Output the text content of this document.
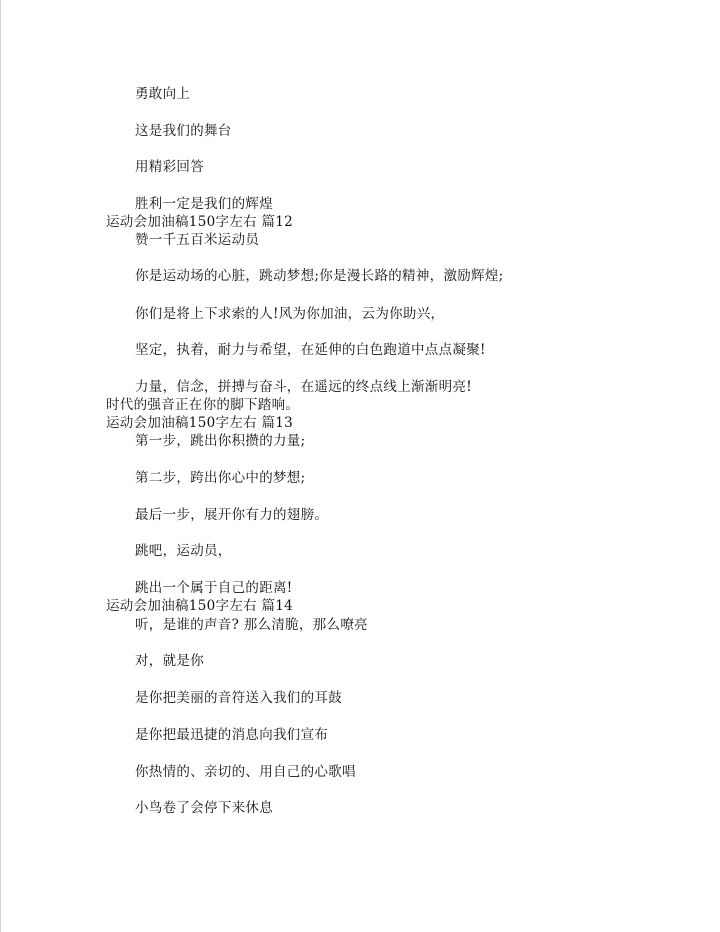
勇敢向上
这是我们的舞台
用精彩回答
胜利一定是我们的辉煌
运动会加油稿150字左右 篇12
赞一千五百米运动员
你是运动场的心脏，跳动梦想;你是漫长路的精神，激励辉煌;
你们是将上下求索的人!风为你加油，云为你助兴，
坚定，执着，耐力与希望，在延伸的白色跑道中点点凝聚!
力量，信念，拼搏与奋斗，在遥远的终点线上渐渐明亮!
时代的强音正在你的脚下踏响。
运动会加油稿150字左右 篇13
第一步，跳出你积攒的力量;
第二步，跨出你心中的梦想;
最后一步，展开你有力的翅膀。
跳吧，运动员，
跳出一个属于自己的距离!
运动会加油稿150字左右 篇14
听，是谁的声音? 那么清脆，那么嘹亮
对，就是你
是你把美丽的音符送入我们的耳鼓
是你把最迅捷的消息向我们宣布
你热情的、亲切的、用自己的心歌唱
小鸟卷了会停下来休息
